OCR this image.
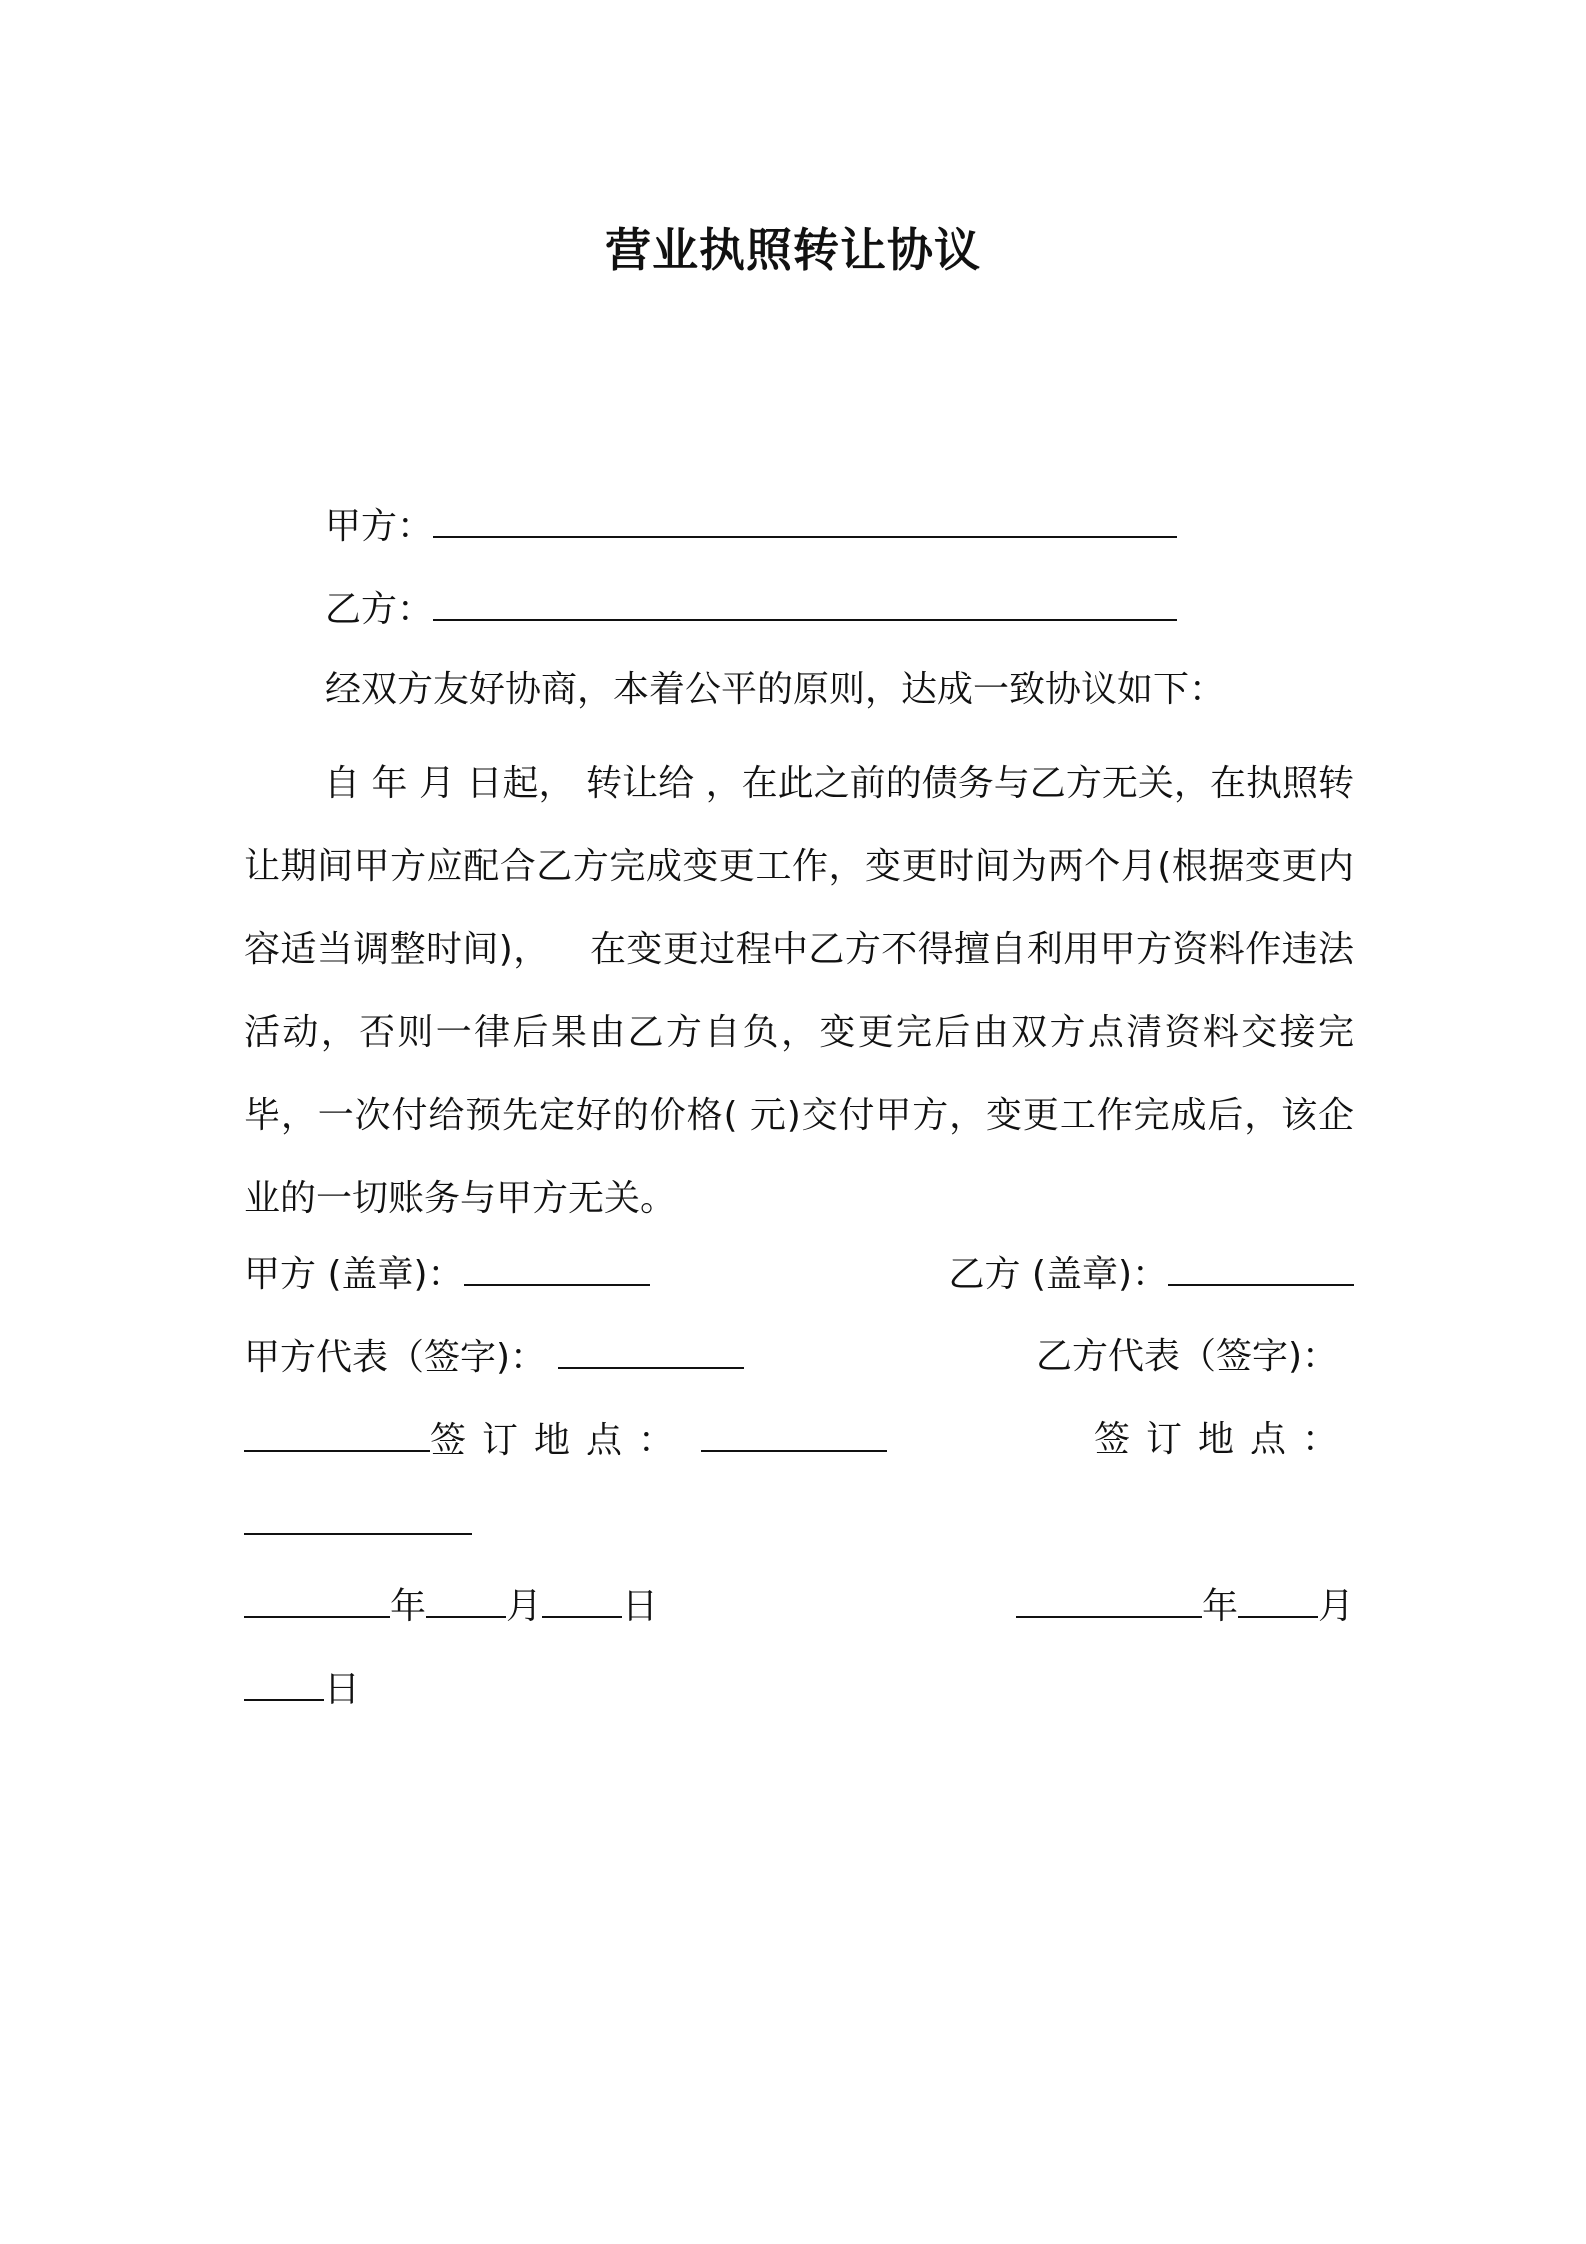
营业执照转让协议
甲方：
乙方：
经双方友好协商，本着公平的原则，达成一致协议如下：

自 年 月 日起， 转让给 ，在此之前的债务与乙方无关，在执照转让期间甲方应配合乙方完成变更工作，变更时间为两个月(根据变更内容适当调整时间)， 在变更过程中乙方不得擅自利用甲方资料作违法活动，否则一律后果由乙方自负，变更完后由双方点清资料交接完毕，一次付给预先定好的价格( 元)交付甲方，变更工作完成后，该企业的一切账务与甲方无关。

甲方 (盖章)：	乙方 (盖章)：
甲方代表（签字)：	乙方代表（签字)：
签订地点：	签订地点：
年 月 日	年 月
日
